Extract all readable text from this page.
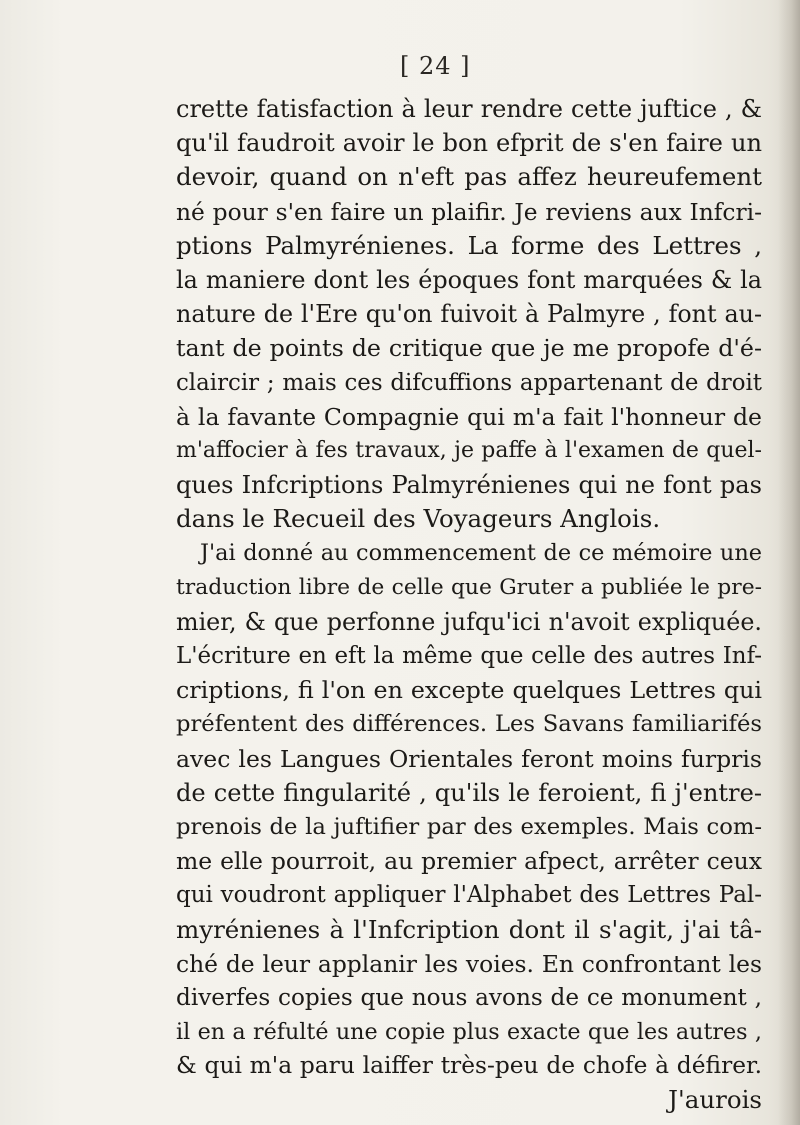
[ 24 ]
crette fatisfaction à leur rendre cette juftice , &
qu'il faudroit avoir le bon efprit de s'en faire un
devoir, quand on n'eft pas affez heureufement
né pour s'en faire un plaifir. Je reviens aux Infcri-
ptions Palmyrénienes. La forme des Lettres ,
la maniere dont les époques font marquées & la
nature de l'Ere qu'on fuivoit à Palmyre , font au-
tant de points de critique que je me propofe d'é-
claircir ; mais ces difcuffions appartenant de droit
à la favante Compagnie qui m'a fait l'honneur de
m'affocier à fes travaux, je paffe à l'examen de quel-
ques Infcriptions Palmyrénienes qui ne font pas
dans le Recueil des Voyageurs Anglois.
J'ai donné au commencement de ce mémoire une
traduction libre de celle que Gruter a publiée le pre-
mier, & que perfonne jufqu'ici n'avoit expliquée.
L'écriture en eft la même que celle des autres Inf-
criptions, fi l'on en excepte quelques Lettres qui
préfentent des différences. Les Savans familiarifés
avec les Langues Orientales feront moins furpris
de cette fingularité , qu'ils le feroient, fi j'entre-
prenois de la juftifier par des exemples. Mais com-
me elle pourroit, au premier afpect, arrêter ceux
qui voudront appliquer l'Alphabet des Lettres Pal-
myrénienes à l'Infcription dont il s'agit, j'ai tâ-
ché de leur applanir les voies. En confrontant les
diverfes copies que nous avons de ce monument ,
il en a réfulté une copie plus exacte que les autres ,
& qui m'a paru laiffer très-peu de chofe à défirer.
J'aurois
